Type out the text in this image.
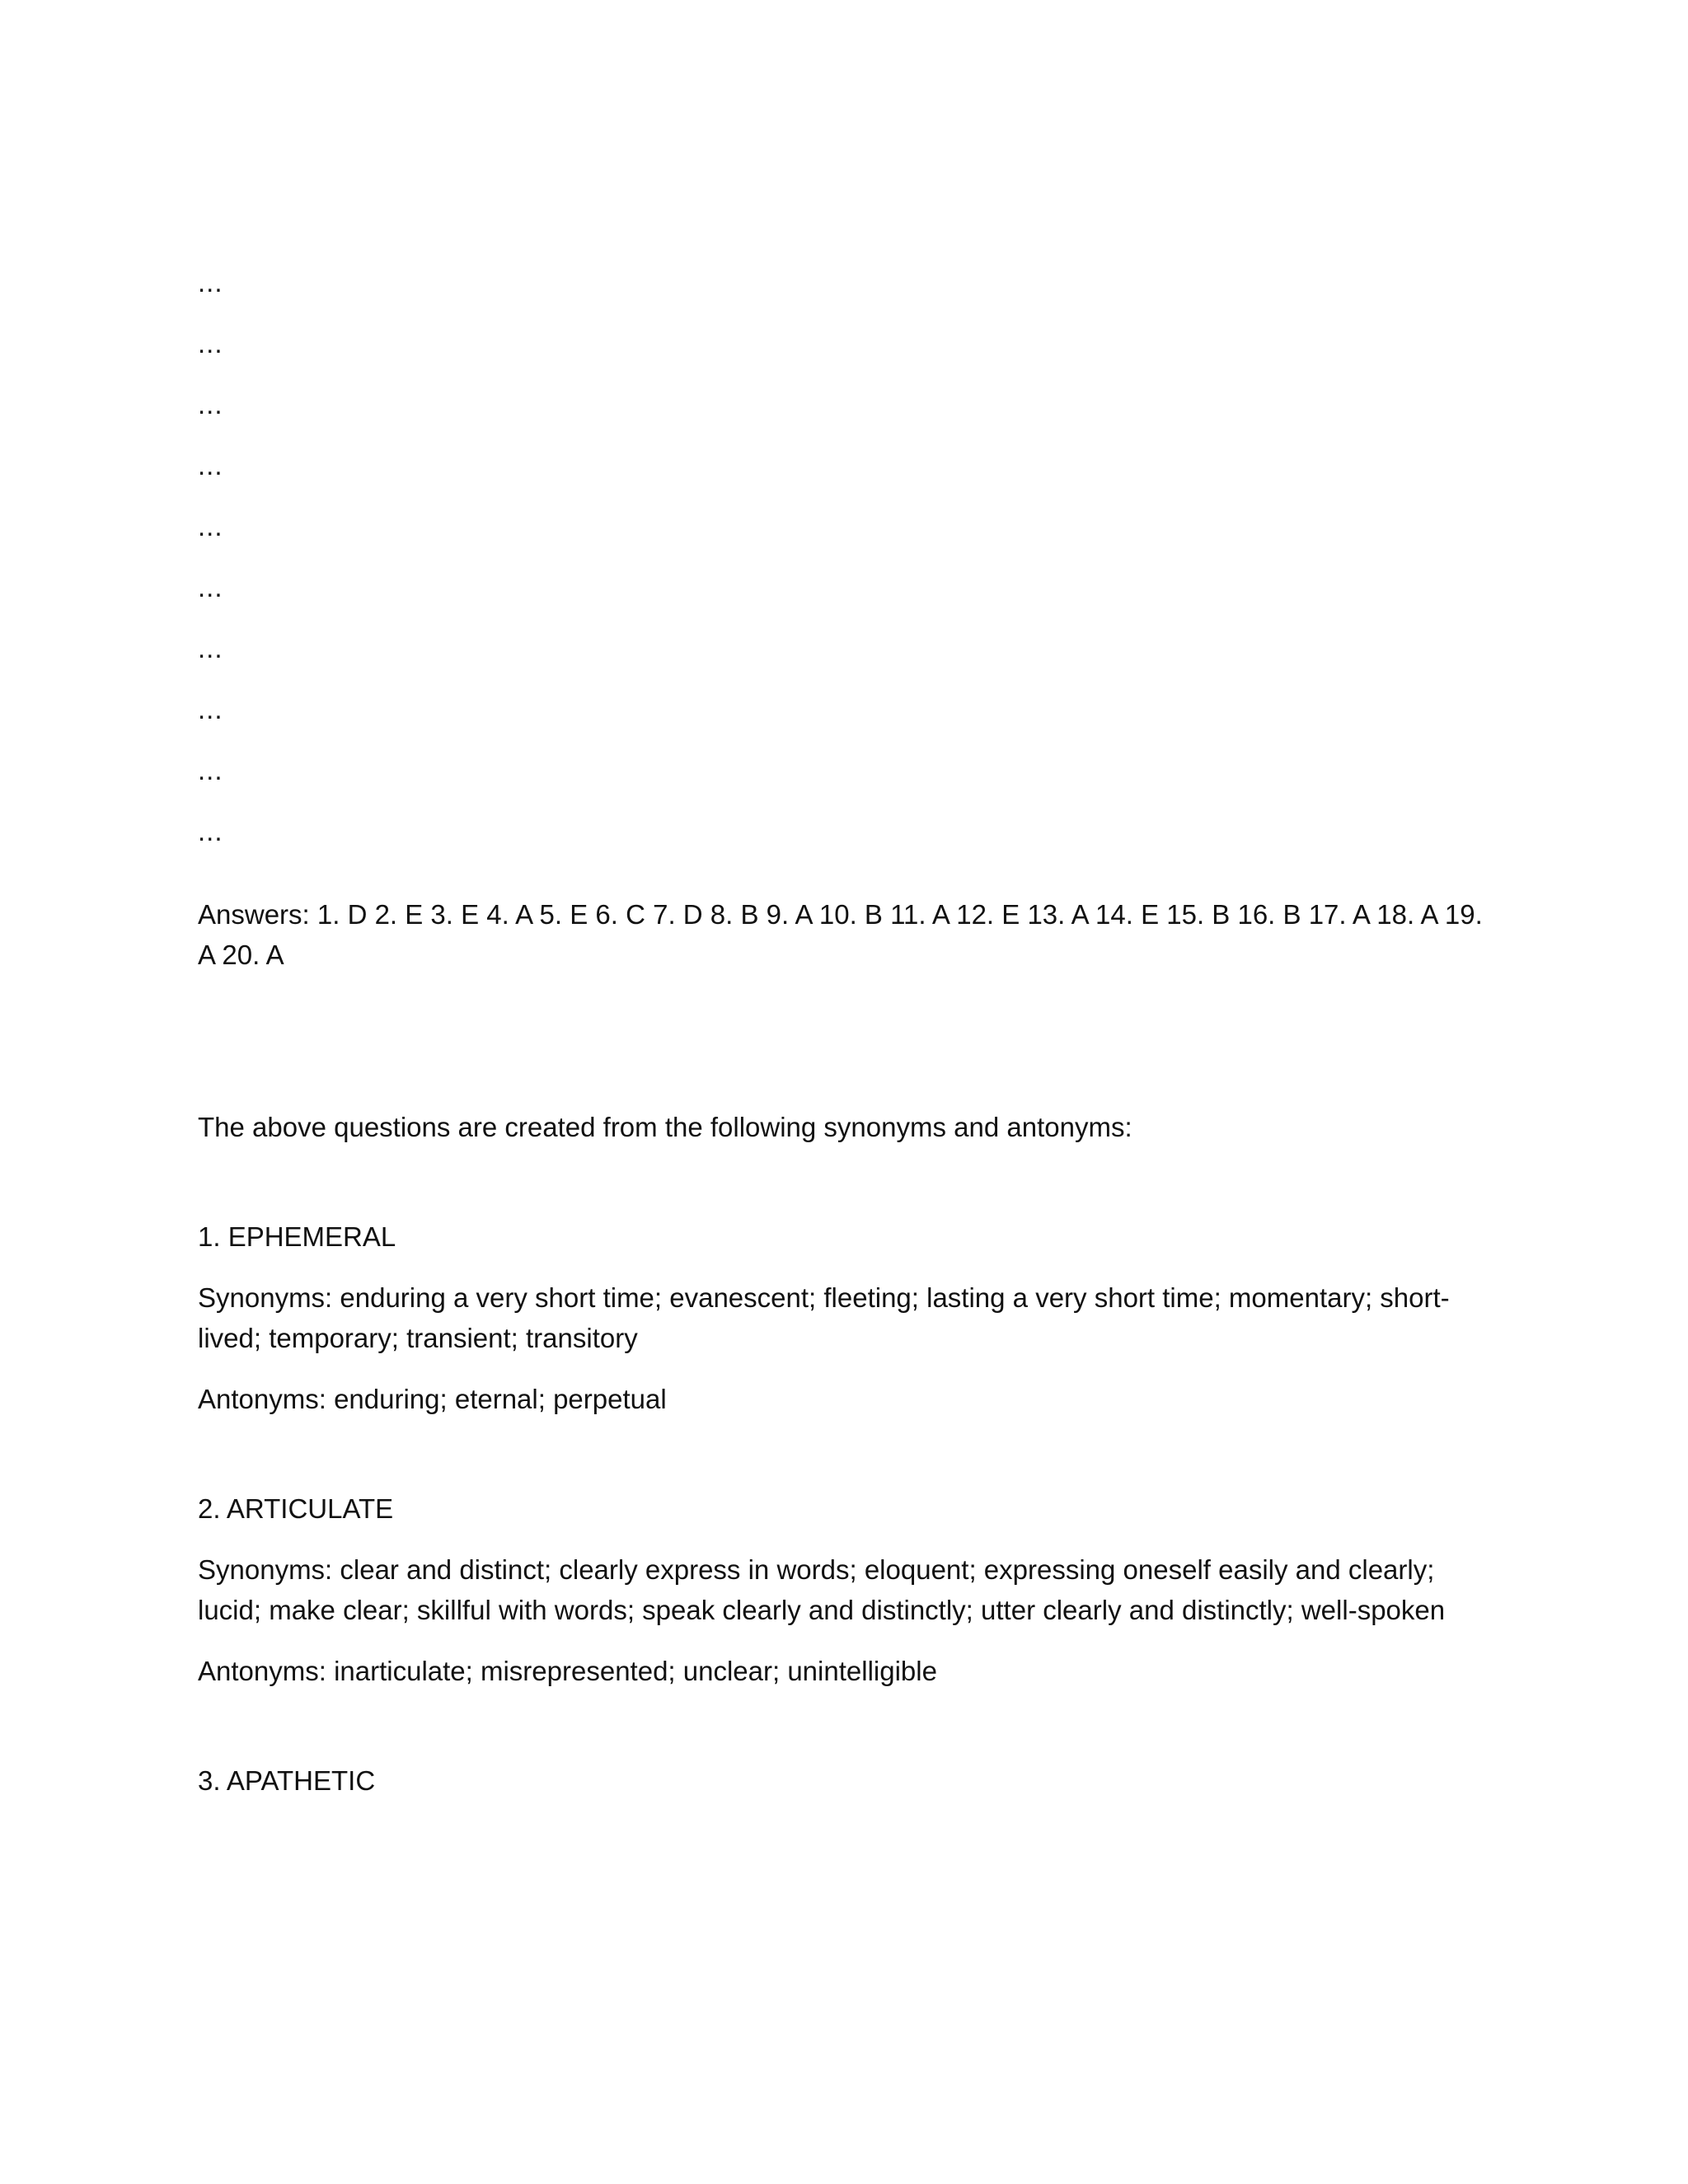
...
...
...
...
...
...
...
...
...
...
Answers: 1. D 2. E 3. E 4. A 5. E 6. C 7. D 8. B 9. A 10. B 11. A 12. E 13. A 14. E 15. B 16. B 17. A 18. A 19. A 20. A
The above questions are created from the following synonyms and antonyms:
1. EPHEMERAL
Synonyms: enduring a very short time; evanescent; fleeting; lasting a very short time; momentary; short-lived; temporary; transient; transitory
Antonyms: enduring; eternal; perpetual
2. ARTICULATE
Synonyms: clear and distinct; clearly express in words; eloquent; expressing oneself easily and clearly; lucid; make clear; skillful with words; speak clearly and distinctly; utter clearly and distinctly; well-spoken
Antonyms: inarticulate; misrepresented; unclear; unintelligible
3. APATHETIC
